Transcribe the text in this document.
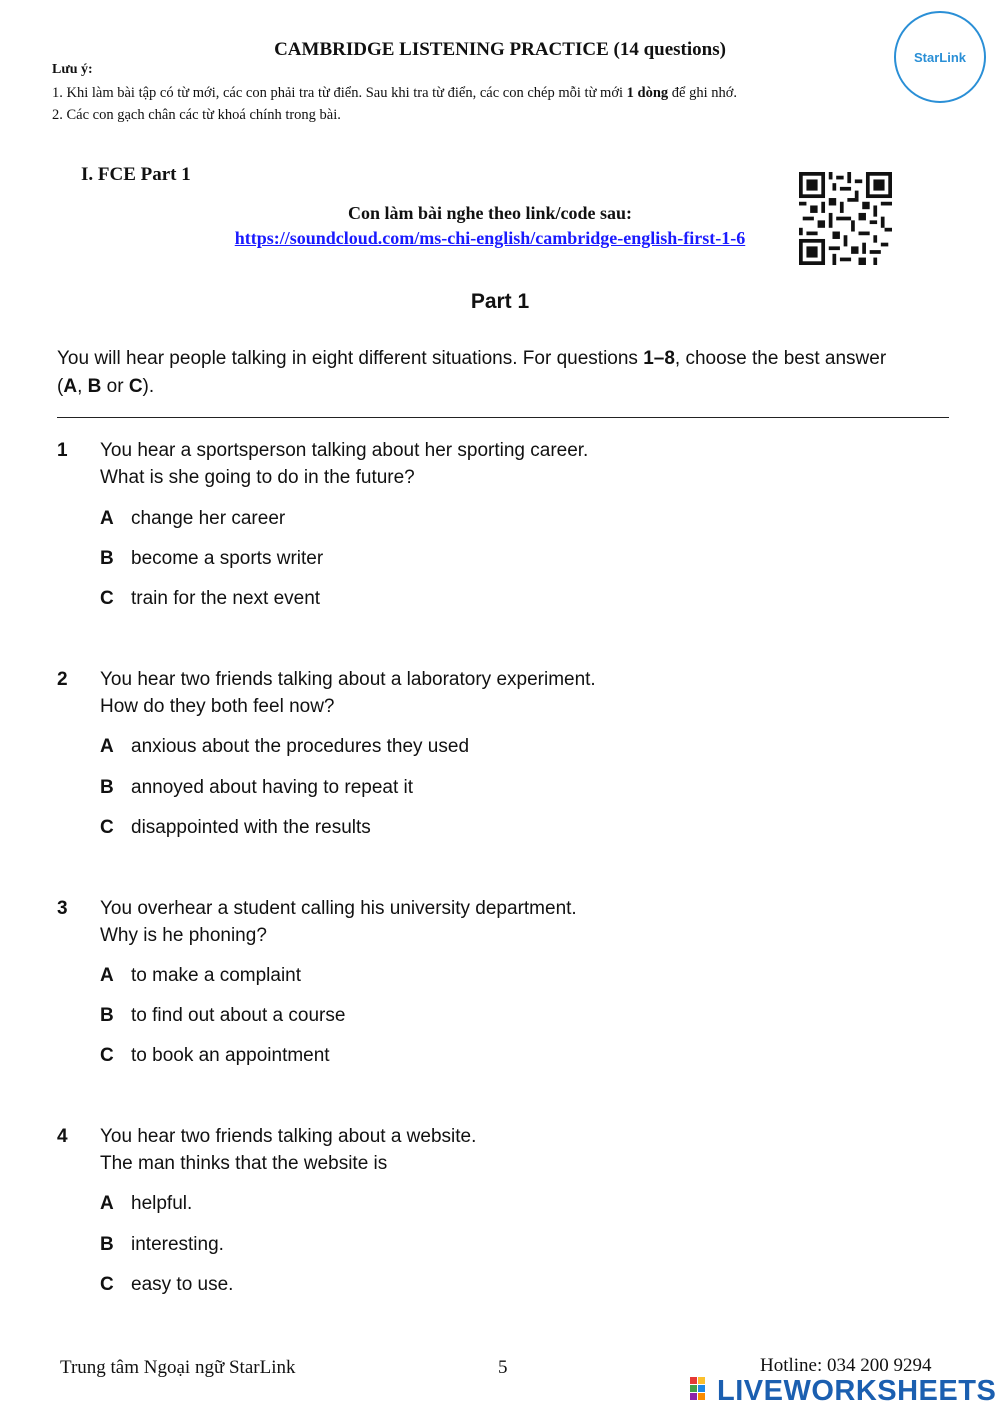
CAMBRIDGE LISTENING PRACTICE (14 questions)
Lưu ý:
1. Khi làm bài tập có từ mới, các con phải tra từ điển. Sau khi tra từ điển, các con chép mỗi từ mới 1 dòng để ghi nhớ.
2. Các con gạch chân các từ khoá chính trong bài.
StarLink
I. FCE Part 1
Con làm bài nghe theo link/code sau:
https://soundcloud.com/ms-chi-english/cambridge-english-first-1-6
Part 1
You will hear people talking in eight different situations. For questions 1–8, choose the best answer
(A, B or C).
1 You hear a sportsperson talking about her sporting career.
What is she going to do in the future?
A change her career
B become a sports writer
C train for the next event
2 You hear two friends talking about a laboratory experiment.
How do they both feel now?
A anxious about the procedures they used
B annoyed about having to repeat it
C disappointed with the results
3 You overhear a student calling his university department.
Why is he phoning?
A to make a complaint
B to find out about a course
C to book an appointment
4 You hear two friends talking about a website.
The man thinks that the website is
A helpful.
B interesting.
C easy to use.
Trung tâm Ngoại ngữ StarLink	5	Hotline: 034 200 9294
LIVEWORKSHEETS
